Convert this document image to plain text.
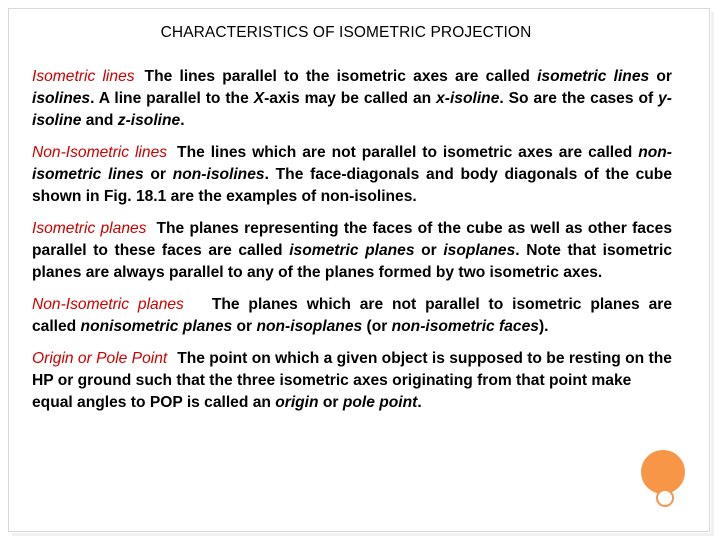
CHARACTERISTICS OF ISOMETRIC PROJECTION

Isometric lines The lines parallel to the isometric axes are called isometric lines or isolines. A line parallel to the X-axis may be called an x-isoline. So are the cases of y-isoline and z-isoline.

Non-Isometric lines The lines which are not parallel to isometric axes are called non-isometric lines or non-isolines. The face-diagonals and body diagonals of the cube shown in Fig. 18.1 are the examples of non-isolines.

Isometric planes The planes representing the faces of the cube as well as other faces parallel to these faces are called isometric planes or isoplanes. Note that isometric planes are always parallel to any of the planes formed by two isometric axes.

Non-Isometric planes The planes which are not parallel to isometric planes are called nonisometric planes or non-isoplanes (or non-isometric faces).

Origin or Pole Point The point on which a given object is supposed to be resting on the HP or ground such that the three isometric axes originating from that point make equal angles to POP is called an origin or pole point.
